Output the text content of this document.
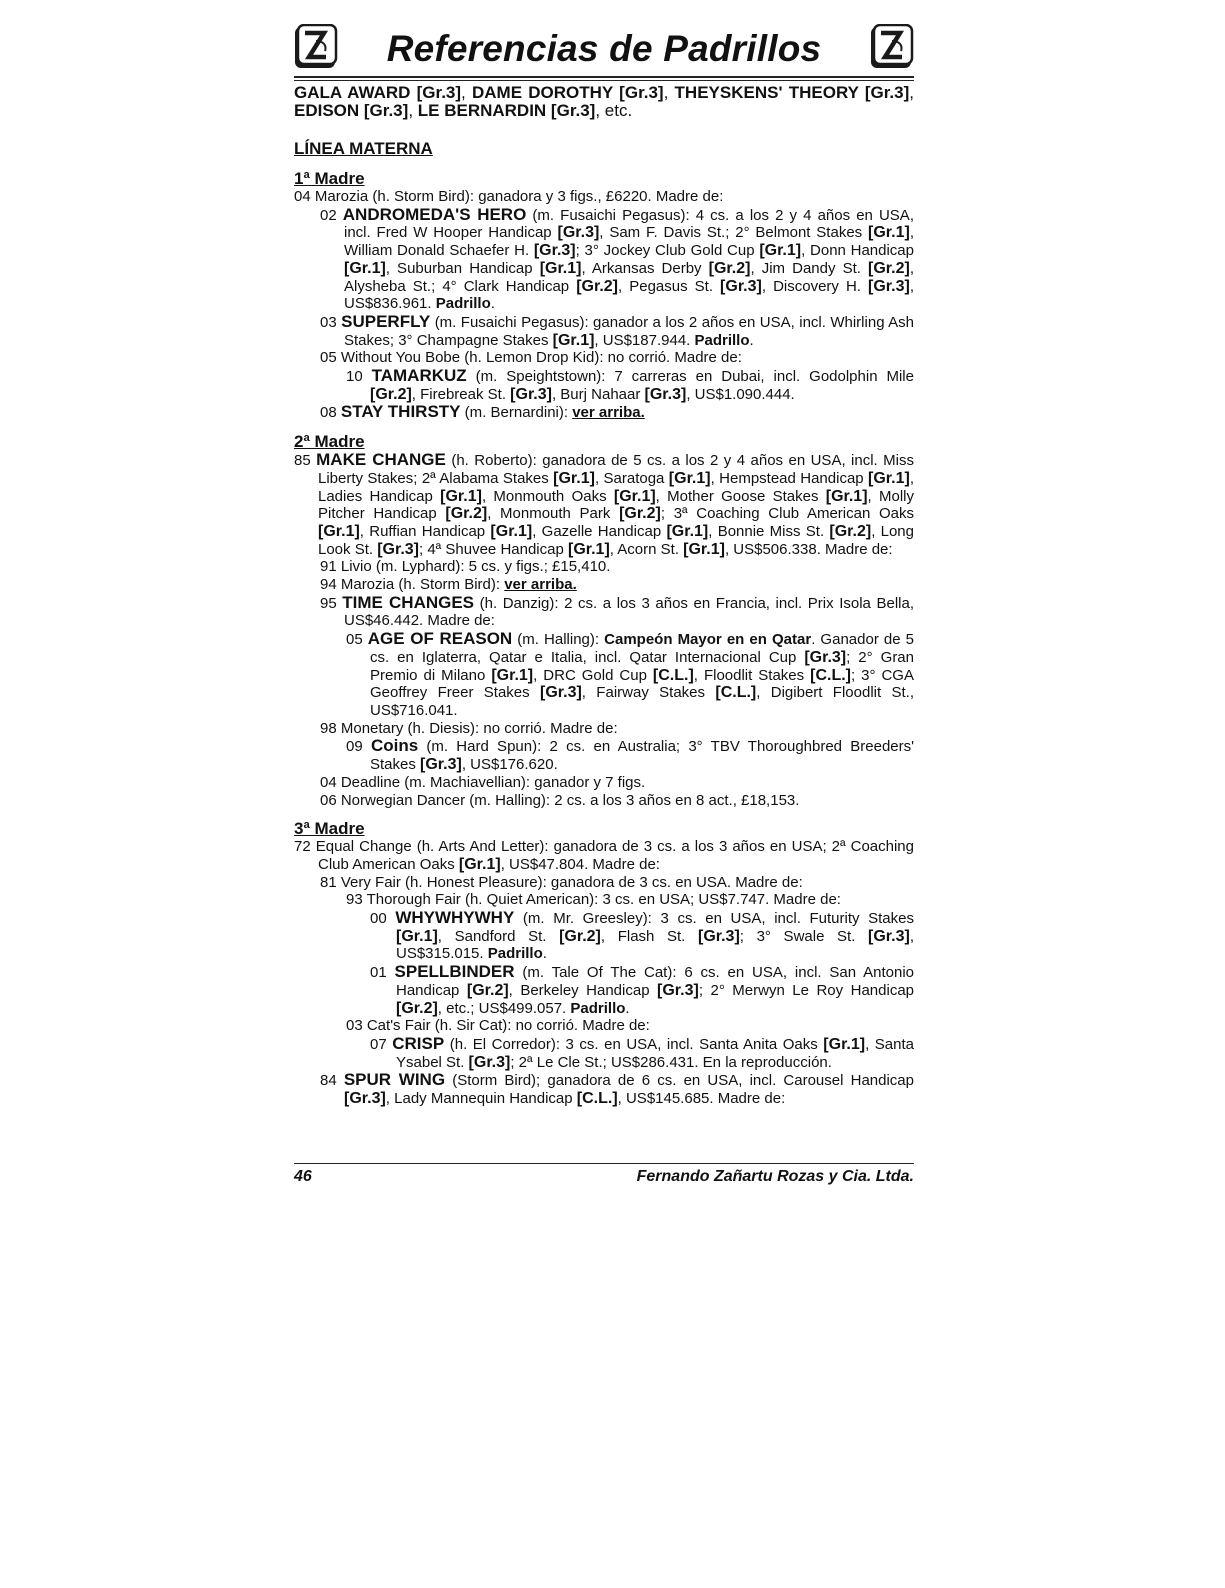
Referencias de Padrillos
GALA AWARD [Gr.3], DAME DOROTHY [Gr.3], THEYSKENS' THEORY [Gr.3], EDISON [Gr.3], LE BERNARDIN [Gr.3], etc.
LÍNEA MATERNA
1ª Madre
04 Marozia (h. Storm Bird): ganadora y 3 figs., £6220. Madre de:
02 ANDROMEDA'S HERO (m. Fusaichi Pegasus): 4 cs. a los 2 y 4 años en USA, incl. Fred W Hooper Handicap [Gr.3], Sam F. Davis St.; 2° Belmont Stakes [Gr.1], William Donald Schaefer H. [Gr.3]; 3° Jockey Club Gold Cup [Gr.1], Donn Handicap [Gr.1], Suburban Handicap [Gr.1], Arkansas Derby [Gr.2], Jim Dandy St. [Gr.2], Alysheba St.; 4° Clark Handicap [Gr.2], Pegasus St. [Gr.3], Discovery H. [Gr.3], US$836.961. Padrillo.
03 SUPERFLY (m. Fusaichi Pegasus): ganador a los 2 años en USA, incl. Whirling Ash Stakes; 3° Champagne Stakes [Gr.1], US$187.944. Padrillo.
05 Without You Bobe (h. Lemon Drop Kid): no corrió. Madre de:
10 TAMARKUZ (m. Speightstown): 7 carreras en Dubai, incl. Godolphin Mile [Gr.2], Firebreak St. [Gr.3], Burj Nahaar [Gr.3], US$1.090.444.
08 STAY THIRSTY (m. Bernardini): ver arriba.
2ª Madre
85 MAKE CHANGE (h. Roberto): ganadora de 5 cs. a los 2 y 4 años en USA, incl. Miss Liberty Stakes; 2ª Alabama Stakes [Gr.1], Saratoga [Gr.1], Hempstead Handicap [Gr.1], Ladies Handicap [Gr.1], Monmouth Oaks [Gr.1], Mother Goose Stakes [Gr.1], Molly Pitcher Handicap [Gr.2], Monmouth Park [Gr.2]; 3ª Coaching Club American Oaks [Gr.1], Ruffian Handicap [Gr.1], Gazelle Handicap [Gr.1], Bonnie Miss St. [Gr.2], Long Look St. [Gr.3]; 4ª Shuvee Handicap [Gr.1], Acorn St. [Gr.1], US$506.338. Madre de:
91 Livio (m. Lyphard): 5 cs. y figs.; £15,410.
94 Marozia (h. Storm Bird): ver arriba.
95 TIME CHANGES (h. Danzig): 2 cs. a los 3 años en Francia, incl. Prix Isola Bella, US$46.442. Madre de:
05 AGE OF REASON (m. Halling): Campeón Mayor en en Qatar. Ganador de 5 cs. en Iglaterra, Qatar e Italia, incl. Qatar Internacional Cup [Gr.3]; 2° Gran Premio di Milano [Gr.1], DRC Gold Cup [C.L.], Floodlit Stakes [C.L.]; 3° CGA Geoffrey Freer Stakes [Gr.3], Fairway Stakes [C.L.], Digibert Floodlit St., US$716.041.
98 Monetary (h. Diesis): no corrió. Madre de:
09 Coins (m. Hard Spun): 2 cs. en Australia; 3° TBV Thoroughbred Breeders' Stakes [Gr.3], US$176.620.
04 Deadline (m. Machiavellian): ganador y 7 figs.
06 Norwegian Dancer (m. Halling): 2 cs. a los 3 años en 8 act., £18,153.
3ª Madre
72 Equal Change (h. Arts And Letter): ganadora de 3 cs. a los 3 años en USA; 2ª Coaching Club American Oaks [Gr.1], US$47.804. Madre de:
81 Very Fair (h. Honest Pleasure): ganadora de 3 cs. en USA. Madre de:
93 Thorough Fair (h. Quiet American): 3 cs. en USA; US$7.747. Madre de:
00 WHYWHYWHY (m. Mr. Greesley): 3 cs. en USA, incl. Futurity Stakes [Gr.1], Sandford St. [Gr.2], Flash St. [Gr.3]; 3° Swale St. [Gr.3], US$315.015. Padrillo.
01 SPELLBINDER (m. Tale Of The Cat): 6 cs. en USA, incl. San Antonio Handicap [Gr.2], Berkeley Handicap [Gr.3]; 2° Merwyn Le Roy Handicap [Gr.2], etc.; US$499.057. Padrillo.
03 Cat's Fair (h. Sir Cat): no corrió. Madre de:
07 CRISP (h. El Corredor): 3 cs. en USA, incl. Santa Anita Oaks [Gr.1], Santa Ysabel St. [Gr.3]; 2ª Le Cle St.; US$286.431. En la reproducción.
84 SPUR WING (Storm Bird); ganadora de 6 cs. en USA, incl. Carousel Handicap [Gr.3], Lady Mannequin Handicap [C.L.], US$145.685. Madre de:
46	Fernando Zañartu Rozas y Cia. Ltda.
